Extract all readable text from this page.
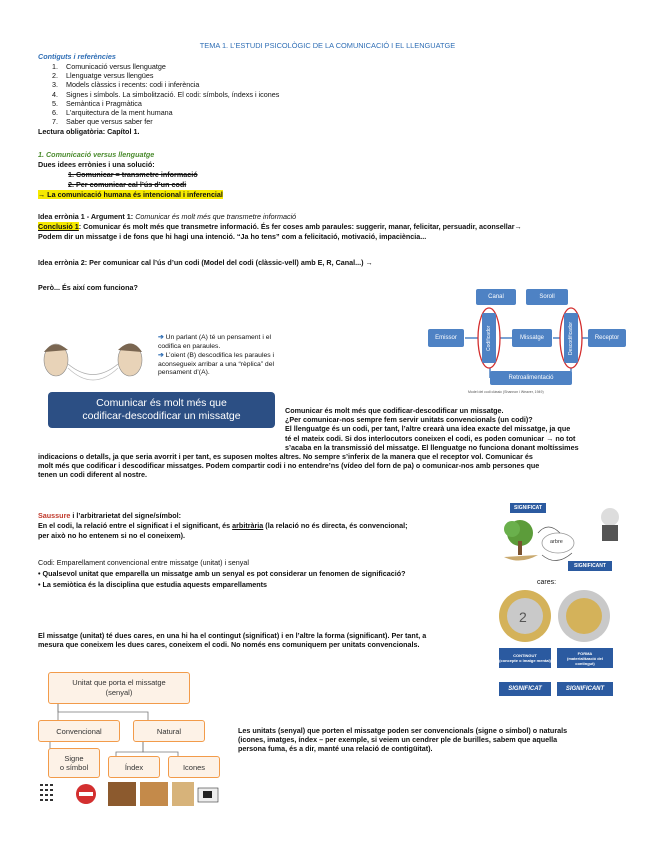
TEMA 1. L’ESTUDI PSICOLÒGIC DE LA COMUNICACIÓ I EL LLENGUATGE
Contiguts i referències
1.	Comunicació versus llenguatge
2.	Llenguatge versus llengües
3.	Models clàssics i recents: codi i inferència
4.	Signes i símbols. La simbolització. El codi: símbols, índexs i icones
5.	Semàntica i Pragmàtica
6.	L’arquitectura de la ment humana
7.	Saber que versus saber fer
Lectura obligatòria: Capítol 1.
1. Comunicació versus llenguatge
Dues idees errònies i una solució:
1. Comunicar = transmetre informació
2. Per comunicar cal l’ús d’un codi
→ La comunicació humana és intencional i inferencial
Idea errònia 1 - Argument 1: Comunicar és molt més que transmetre informació
Conclusió 1: Comunicar és molt més que transmetre informació. És fer coses amb paraules: suggerir, manar, felicitar, persuadir, aconsellar→
Podem dir un missatge i de fons que hi hagi una intenció. “Ja ho tens” com a felicitació, motivació, impaciència...
Idea errònia 2: Per comunicar cal l’ús d’un codi (Model del codi (clàssic-vell) amb E, R, Canal...) →
Però... És així com funciona?
Canal	Soroll
Emissor	Codificador	Missatge	Descodificador	Receptor
Retroalimentació
Model del codi clàssic (Shannon i Weaver, 1949)
➔ Un parlant (A) té un pensament i el codifica en paraules.
➔ L’oient (B) descodifica les paraules i aconsegueix arribar a una “rèplica” del pensament d’(A).
Comunicar és molt més que
codificar-descodificar un missatge	Comunicar és molt més que codificar-descodificar un missatge.
¿Per comunicar-nos sempre fem servir unitats convencionals (un codi)?
El llenguatge és un codi, per tant, l’altre crearà una idea exacte del missatge, ja que
té el mateix codi. Si dos interlocutors coneixen el codi, es poden comunicar → no tot
s’acaba en la transmissió del missatge. El llenguatge no funciona donant moltíssimes
indicacions o detalls, ja que seria avorrit i per tant, es suposen moltes altres. No sempre s’inferix de la manera que el receptor vol. Comunicar és
molt més que codificar i descodificar missatges. Podem compartir codi i no entendre’ns (vídeo del forn de pa) o comunicar-nos amb persones que
tenen un codi diferent al nostre.
Saussure i l’arbitrarietat del signe/símbol:
En el codi, la relació entre el significat i el significant, és arbitrària (la relació no és directa, és convencional;
per això no ho entenem si no el coneixem).
Codi: Emparellament convencional entre missatge (unitat) i senyal
• Qualsevol unitat que emparella un missatge amb un senyal es pot considerar un fenomen de significació?
• La semiòtica és la disciplina que estudia aquests emparellaments
SIGNIFICAT
arbre
SIGNIFICANT
cares:
2
CONTINGUT
(concepte o imatge mental)
FORMA
(materialització del contingut)
SIGNIFICAT	SIGNIFICANT
El missatge (unitat) té dues cares, en una hi ha el contingut (significat) i en l’altre la forma (significant). Per tant, a
mesura que coneixem les dues cares, coneixem el codi. No només ens comuniquem per unitats convencionals.
Unitat que porta el missatge
(senyal)
Convencional	Natural
Signe
o símbol	Índex	Icones
Les unitats (senyal) que porten el missatge poden ser convencionals (signe o símbol) o naturals
(icones, imatges, índex – per exemple, si veiem un cendrer ple de burilles, sabem que aquella
persona fuma, és a dir, manté una relació de contigüitat).
